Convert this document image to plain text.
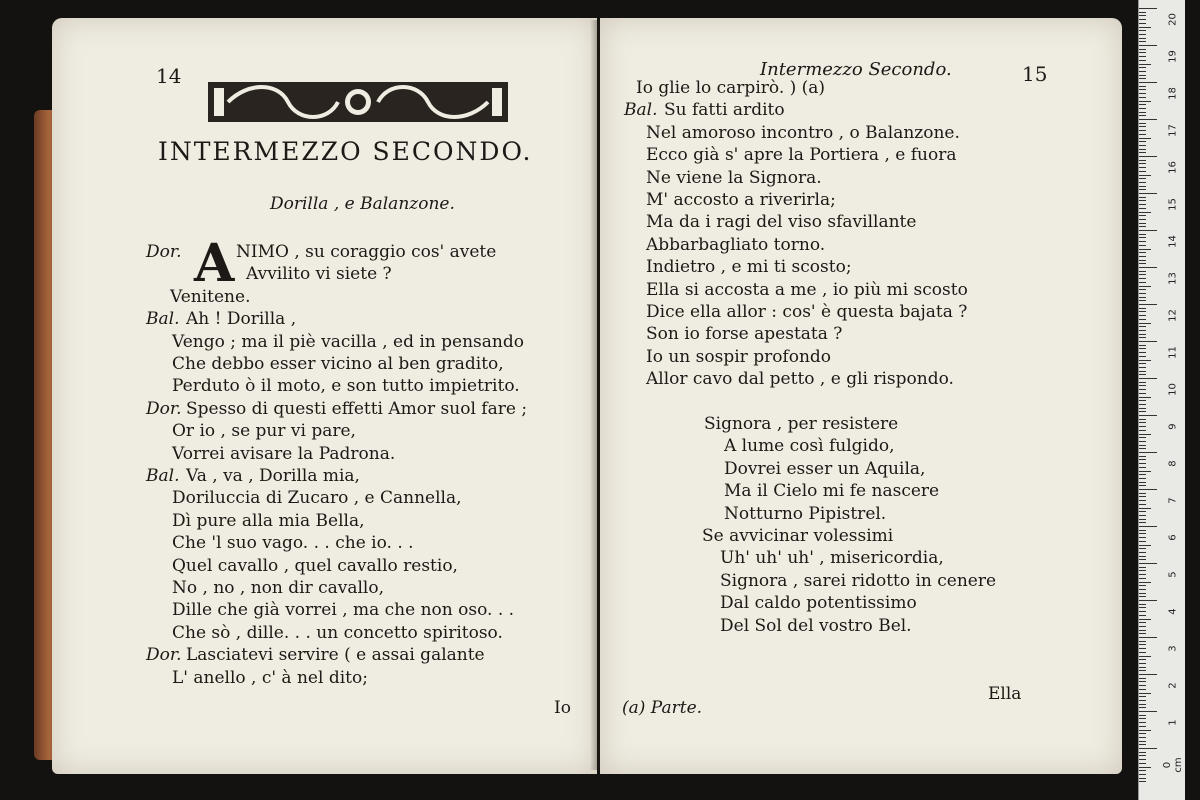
14
INTERMEZZO SECONDO.
Dorilla , e Balanzone.
Dor. A NIMO , su coraggio cos' avete
Avvilito vi siete ?
Venitene.
Bal. Ah ! Dorilla ,
Vengo ; ma il piè vacilla , ed in pensando
Che debbo esser vicino al ben gradito,
Perduto ò il moto, e son tutto impietrito.
Dor. Spesso di questi effetti Amor suol fare ;
Or io , se pur vi pare,
Vorrei avisare la Padrona.
Bal. Va , va , Dorilla mia,
Doriluccia di Zucaro , e Cannella,
Dì pure alla mia Bella,
Che 'l suo vago. . . che io. . .
Quel cavallo , quel cavallo restio,
No , no , non dir cavallo,
Dille che già vorrei , ma che non oso. . .
Che sò , dille. . . un concetto spiritoso.
Dor. Lasciatevi servire ( e assai galante
L' anello , c' à nel dito;
Io
Intermezzo Secondo.	15
Io glie lo carpirò. ) (a)
Bal. Su fatti ardito
Nel amoroso incontro , o Balanzone.
Ecco già s' apre la Portiera , e fuora
Ne viene la Signora.
M' accosto a riverirla;
Ma da i ragi del viso sfavillante
Abbarbagliato torno.
Indietro , e mi ti scosto;
Ella si accosta a me , io più mi scosto
Dice ella allor : cos' è questa bajata ?
Son io forse apestata ?
Io un sospir profondo
Allor cavo dal petto , e gli rispondo.
Signora , per resistere
A lume così fulgido,
Dovrei esser un Aquila,
Ma il Cielo mi fe nascere
Notturno Pipistrel.
Se avvicinar volessimi
Uh' uh' uh' , misericordia,
Signora , sarei ridotto in cenere
Dal caldo potentissimo
Del Sol del vostro Bel.
(a) Parte.
Ella
20
19
18
17
16
15
14
13
12
11
10
9
8
7
6
5
4
3
2
1
0 cm
